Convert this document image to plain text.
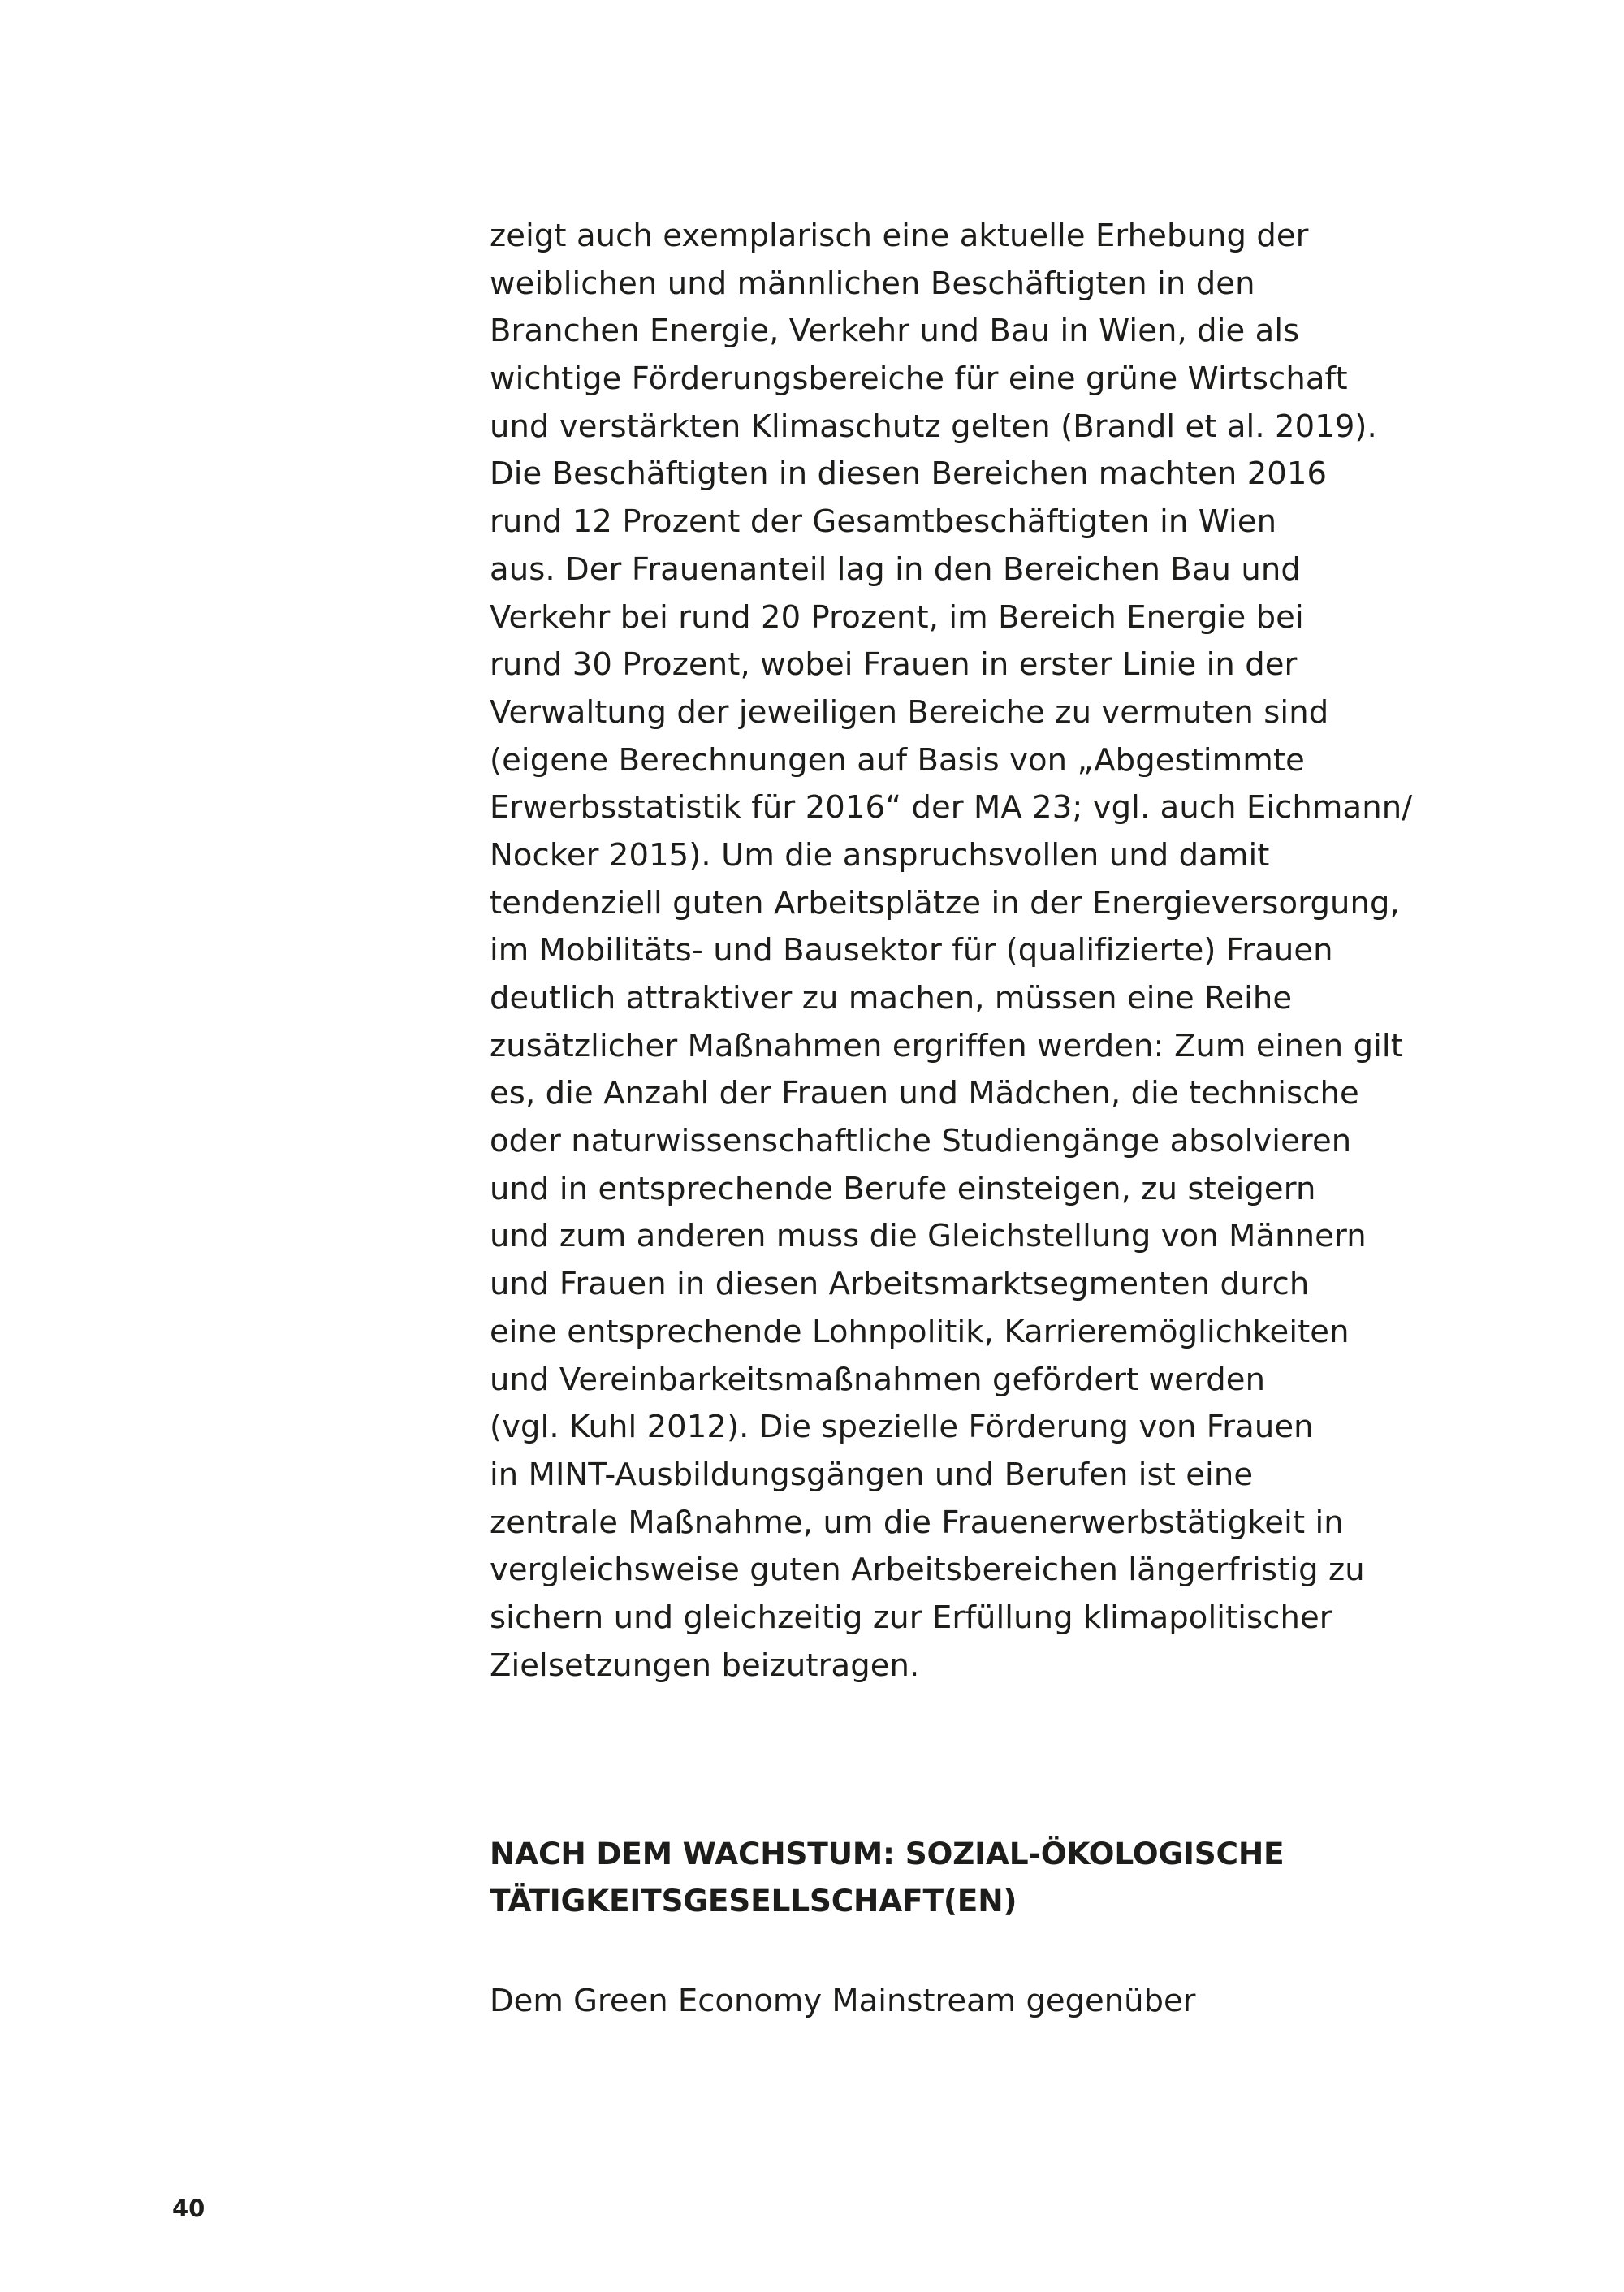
zeigt auch exemplarisch eine aktuelle Erhebung der
weiblichen und männlichen Beschäftigten in den
Branchen Energie, Verkehr und Bau in Wien, die als
wichtige Förderungsbereiche für eine grüne Wirtschaft
und verstärkten Klimaschutz gelten (Brandl et al. 2019).
Die Beschäftigten in diesen Bereichen machten 2016
rund 12 Prozent der Gesamtbeschäftigten in Wien
aus. Der Frauenanteil lag in den Bereichen Bau und
Verkehr bei rund 20 Prozent, im Bereich Energie bei
rund 30 Prozent, wobei Frauen in erster Linie in der
Verwaltung der jeweiligen Bereiche zu vermuten sind
(eigene Berechnungen auf Basis von „Abgestimmte
Erwerbsstatistik für 2016“ der MA 23; vgl. auch Eichmann/
Nocker 2015). Um die anspruchsvollen und damit
tendenziell guten Arbeitsplätze in der Energieversorgung,
im Mobilitäts- und Bausektor für (qualifizierte) Frauen
deutlich attraktiver zu machen, müssen eine Reihe
zusätzlicher Maßnahmen ergriffen werden: Zum einen gilt
es, die Anzahl der Frauen und Mädchen, die technische
oder naturwissenschaftliche Studiengänge absolvieren
und in entsprechende Berufe einsteigen, zu steigern
und zum anderen muss die Gleichstellung von Männern
und Frauen in diesen Arbeitsmarktsegmenten durch
eine entsprechende Lohnpolitik, Karrieremöglichkeiten
und Vereinbarkeitsmaßnahmen gefördert werden
(vgl. Kuhl 2012). Die spezielle Förderung von Frauen
in MINT-Ausbildungsgängen und Berufen ist eine
zentrale Maßnahme, um die Frauenerwerbstätigkeit in
vergleichsweise guten Arbeitsbereichen längerfristig zu
sichern und gleichzeitig zur Erfüllung klimapolitischer
Zielsetzungen beizutragen.
NACH DEM WACHSTUM: SOZIAL-ÖKOLOGISCHE
TÄTIGKEITSGESELLSCHAFT(EN)
Dem Green Economy Mainstream gegenüber
40
